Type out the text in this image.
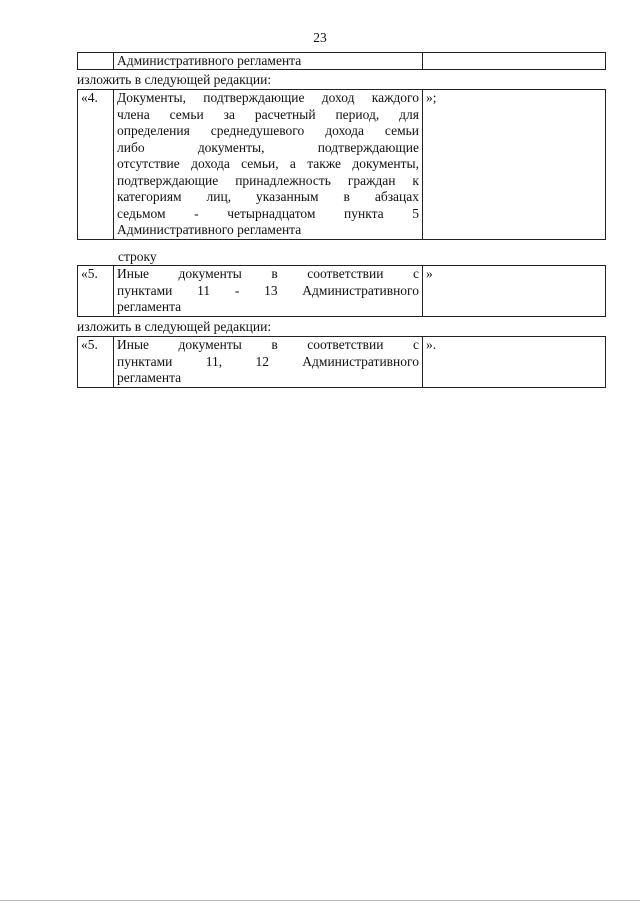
23
	Административного регламента	
изложить в следующей редакции:
«4.	Документы, подтверждающие доход каждого
члена семьи за расчетный период, для
определения среднедушевого дохода семьи
либо документы, подтверждающие
отсутствие дохода семьи, а также документы,
подтверждающие принадлежность граждан к
категориям лиц, указанным в абзацах
седьмом - четырнадцатом пункта 5
Административного регламента
	»;
строку
«5.	Иные документы в соответствии с
пунктами 11 - 13 Административного
регламента
	»
изложить в следующей редакции:
«5.	Иные документы в соответствии с
пунктами 11, 12 Административного
регламента
	».
